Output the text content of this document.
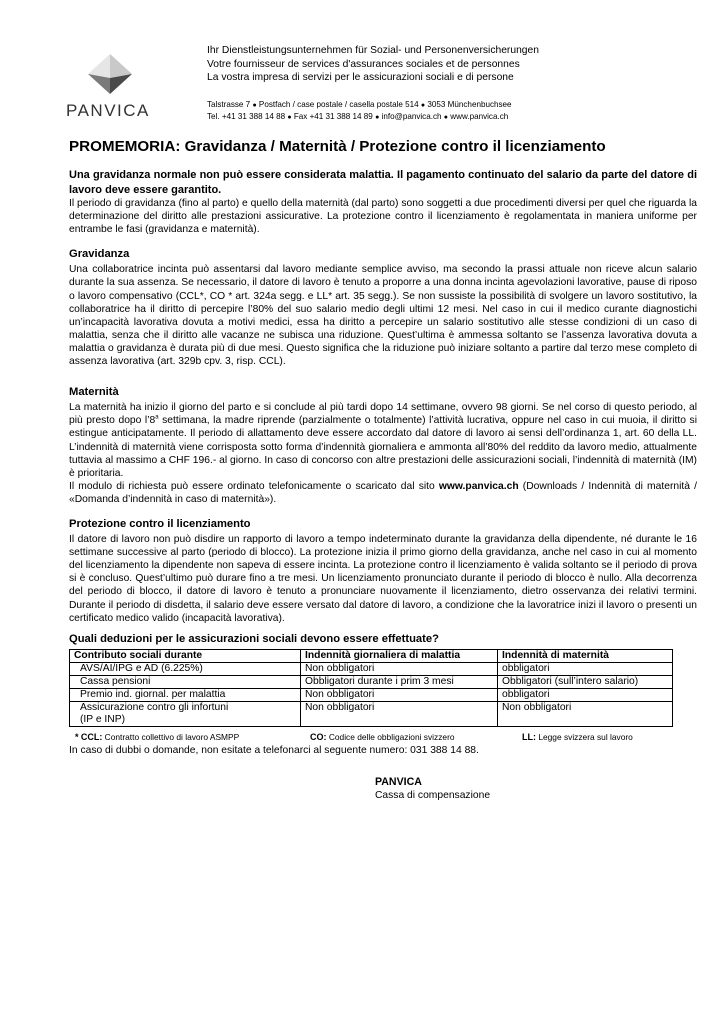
PANVICA
Ihr Dienstleistungsunternehmen für Sozial- und Personenversicherungen
Votre fournisseur de services d'assurances sociales et de personnes
La vostra impresa di servizi per le assicurazioni sociali e di persone
Talstrasse 7 ● Postfach / case postale / casella postale 514 ● 3053 Münchenbuchsee
Tel. +41 31 388 14 88 ● Fax +41 31 388 14 89 ● info@panvica.ch ● www.panvica.ch
PROMEMORIA: Gravidanza / Maternità / Protezione contro il licenziamento

Una gravidanza normale non può essere considerata malattia. Il pagamento continuato del salario da parte del datore di lavoro deve essere garantito.

Il periodo di gravidanza (fino al parto) e quello della maternità (dal parto) sono soggetti a due procedimenti diversi per quel che riguarda la determinazione del diritto alle prestazioni assicurative. La protezione contro il licenziamento è regolamentata in maniera uniforme per entrambe le fasi (gravidanza e maternità).

Gravidanza

Una collaboratrice incinta può assentarsi dal lavoro mediante semplice avviso, ma secondo la prassi attuale non riceve alcun salario durante la sua assenza. Se necessario, il datore di lavoro è tenuto a proporre a una donna incinta agevolazioni lavorative, pause di riposo o lavoro compensativo (CCL*, CO * art. 324a segg. e LL* art. 35 segg.). Se non sussiste la possibilità di svolgere un lavoro sostitutivo, la collaboratrice ha il diritto di percepire l’80% del suo salario medio degli ultimi 12 mesi. Nel caso in cui il medico curante diagnostichi un’incapacità lavorativa dovuta a motivi medici, essa ha diritto a percepire un salario sostitutivo alle stesse condizioni di un caso di malattia, senza che il diritto alle vacanze ne subisca una riduzione. Quest’ultima è ammessa soltanto se l’assenza lavorativa dovuta a malattia o gravidanza è durata più di due mesi. Questo significa che la riduzione può iniziare soltanto a partire dal terzo mese completo di assenza lavorativa (art. 329b cpv. 3, risp. CCL).

Maternità

La maternità ha inizio il giorno del parto e si conclude al più tardi dopo 14 settimane, ovvero 98 giorni. Se nel corso di questo periodo, al più presto dopo l’8$^a$ settimana, la madre riprende (parzialmente o totalmente) l’attività lucrativa, oppure nel caso in cui muoia, il diritto si estingue anticipatamente. Il periodo di allattamento deve essere accordato dal datore di lavoro ai sensi dell’ordinanza 1, art. 60 della LL. L’indennità di maternità viene corrisposta sotto forma d’indennità giornaliera e ammonta all’80% del reddito da lavoro medio, attualmente tuttavia al massimo a CHF 196.- al giorno. In caso di concorso con altre prestazioni delle assicurazioni sociali, l’indennità di maternità (IM) è prioritaria.

Il modulo di richiesta può essere ordinato telefonicamente o scaricato dal sito www.panvica.ch (Downloads / Indennità di maternità / «Domanda d’indennità in caso di maternità»).

Protezione contro il licenziamento

Il datore di lavoro non può disdire un rapporto di lavoro a tempo indeterminato durante la gravidanza della dipendente, né durante le 16 settimane successive al parto (periodo di blocco). La protezione inizia il primo giorno della gravidanza, anche nel caso in cui al momento del licenziamento la dipendente non sapeva di essere incinta. La protezione contro il licenziamento è valida soltanto se il periodo di prova si è concluso. Quest’ultimo può durare fino a tre mesi. Un licenziamento pronunciato durante il periodo di blocco è nullo. Alla decorrenza del periodo di blocco, il datore di lavoro è tenuto a pronunciare nuovamente il licenziamento, dietro osservanza dei relativi termini. Durante il periodo di disdetta, il salario deve essere versato dal datore di lavoro, a condizione che la lavoratrice inizi il lavoro o presenti un certificato medico valido (incapacità lavorativa).

Quali deduzioni per le assicurazioni sociali devono essere effettuate?
Contributo sociali durante	Indennità giornaliera di malattia	Indennità di maternità
AVS/AI/IPG e AD (6.225%)	Non obbligatori	obbligatori
Cassa pensioni	Obbligatori durante i prim 3 mesi	Obbligatori (sull’intero salario)
Premio ind. giornal. per malattia	Non obbligatori	obbligatori
Assicurazione contro gli infortuni (IP e INP)	Non obbligatori	Non obbligatori
* CCL: Contratto collettivo di lavoro ASMPP	CO: Codice delle obbligazioni svizzero	LL: Legge svizzera sul lavoro

In caso di dubbi o domande, non esitate a telefonarci al seguente numero: 031 388 14 88.

PANVICA
Cassa di compensazione
